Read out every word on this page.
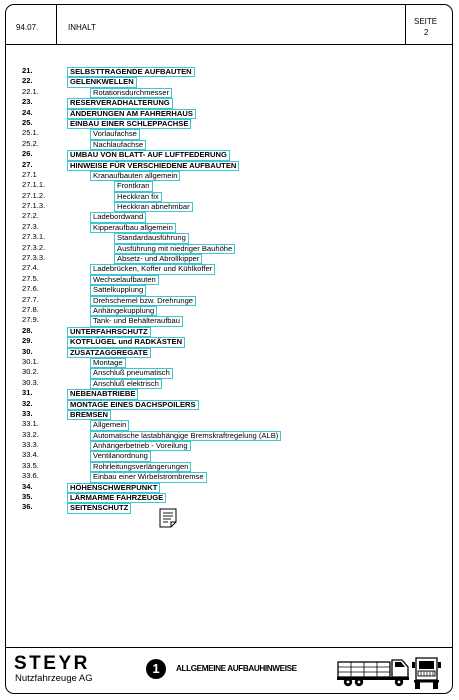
94.07.	INHALT
SEITE
2
21.	SELBSTTRAGENDE AUFBAUTEN
22.	GELENKWELLEN
22.1.	Rotationsdurchmesser
23.	RESERVERADHALTERUNG
24.	ÄNDERUNGEN AM FAHRERHAUS
25.	EINBAU EINER SCHLEPPACHSE
25.1.	Vorlaufachse
25.2.	Nachlaufachse
26.	UMBAU VON BLATT- AUF LUFTFEDERUNG
27.	HINWEISE FÜR VERSCHIEDENE AUFBAUTEN
27.1	Kranaufbauten allgemein
27.1.1.	Frontkran
27.1.2.	Heckkran fix
27.1.3.	Heckkran abnehmbar
27.2.	Ladebordwand
27.3.	Kipperaufbau allgemein
27.3.1.	Standardausführung
27.3.2.	Ausführung mit niedriger Bauhöhe
27.3.3.	Absetz- und Abrollkipper
27.4.	Ladebrücken, Koffer und Kühlkoffer
27.5.	Wechselaufbauten
27.6.	Sattelkupplung
27.7.	Drehschemel bzw. Drehrunge
27.8.	Anhängekupplung
27.9.	Tank- und Behälteraufbau
28.	UNTERFAHRSCHUTZ
29.	KOTFLÜGEL und RADKÄSTEN
30.	ZUSATZAGGREGATE
30.1.	Montage
30.2.	Anschluß pneumatisch
30.3.	Anschluß elektrisch
31.	NEBENABTRIEBE
32.	MONTAGE EINES DACHSPOILERS
33.	BREMSEN
33.1.	Allgemein
33.2.	Automatische lastabhängige Bremskraftregelung (ALB)
33.3.	Anhängerbetrieb - Voreilung
33.4.	Ventilanordnung
33.5.	Rohrleitungsverlängerungen
33.6.	Einbau einer Wirbelstrombremse
34.	HÖHENSCHWERPUNKT
35.	LÄRMARME FAHRZEUGE
36.	SEITENSCHUTZ
STEYR
Nutzfahrzeuge AG
1	ALLGEMEINE AUFBAUHINWEISE
